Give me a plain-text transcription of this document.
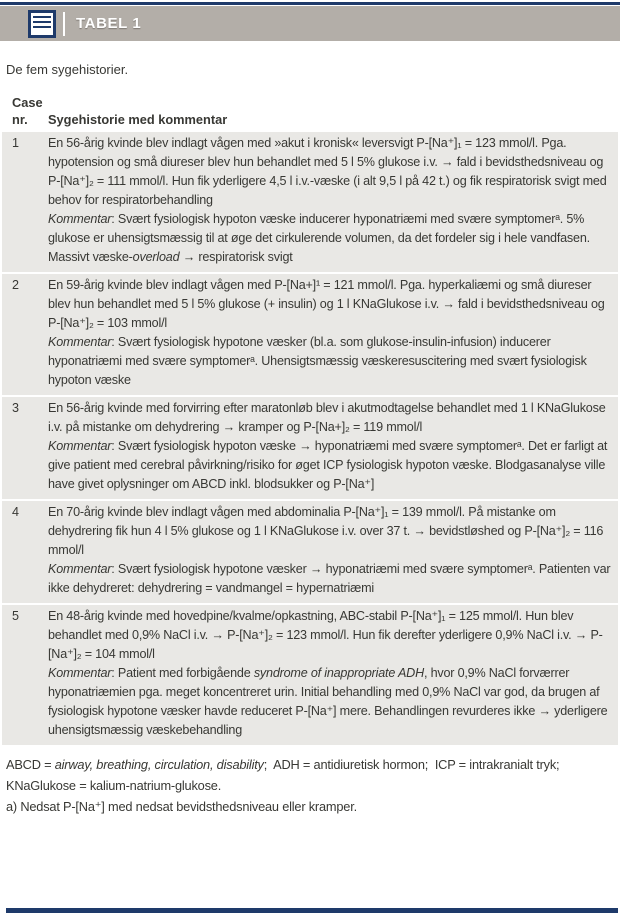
TABEL 1
De fem sygehistorier.
Case
nr.	Sygehistorie med kommentar
1	En 56-årig kvinde blev indlagt vågen med »akut i kronisk« leversvigt P-[Na⁺]₁ = 123 mmol/l. Pga. hypotension og små diureser blev hun behandlet med 5 l 5% glukose i.v. → fald i bevidsthedsniveau og P-[Na⁺]₂ = 111 mmol/l. Hun fik yderligere 4,5 l i.v.-væske (i alt 9,5 l på 42 t.) og fik respiratorisk svigt med behov for respiratorbehandling
Kommentar: Svært fysiologisk hypoton væske inducerer hyponatriæmi med svære symptomerᵃ. 5% glukose er uhensigtsmæssig til at øge det cirkulerende volumen, da det fordeler sig i hele vandfasen. Massivt væske-overload → respiratorisk svigt
2	En 59-årig kvinde blev indlagt vågen med P-[Na+]¹ = 121 mmol/l. Pga. hyperkaliæmi og små diureser blev hun behandlet med 5 l 5% glukose (+ insulin) og 1 l KNaGlukose i.v. → fald i bevidsthedsniveau og P-[Na⁺]₂ = 103 mmol/l
Kommentar: Svært fysiologisk hypotone væsker (bl.a. som glukose-insulin-infusion) inducerer hyponatriæmi med svære symptomerᵃ. Uhensigtsmæssig væskeresuscitering med svært fysiologisk hypoton væske
3	En 56-årig kvinde med forvirring efter maratonløb blev i akutmodtagelse behandlet med 1 l KNaGlukose i.v. på mistanke om dehydrering → kramper og P-[Na+]₂ = 119 mmol/l
Kommentar: Svært fysiologisk hypoton væske → hyponatriæmi med svære symptomerᵃ. Det er farligt at give patient med cerebral påvirkning/risiko for øget ICP fysiologisk hypoton væske. Blodgasanalyse ville have givet oplysninger om ABCD inkl. blodsukker og P-[Na⁺]
4	En 70-årig kvinde blev indlagt vågen med abdominalia P-[Na⁺]₁ = 139 mmol/l. På mistanke om dehydrering fik hun 4 l 5% glukose og 1 l KNaGlukose i.v. over 37 t. → bevidstløshed og P-[Na⁺]₂ = 116 mmol/l
Kommentar: Svært fysiologisk hypotone væsker → hyponatriæmi med svære symptomerᵃ. Patienten var ikke dehydreret: dehydrering = vandmangel = hypernatriæmi
5	En 48-årig kvinde med hovedpine/kvalme/opkastning, ABC-stabil P-[Na⁺]₁ = 125 mmol/l. Hun blev behandlet med 0,9% NaCl i.v. → P-[Na⁺]₂ = 123 mmol/l. Hun fik derefter yderligere 0,9% NaCl i.v. → P-[Na⁺]₂ = 104 mmol/l
Kommentar: Patient med forbigående syndrome of inappropriate ADH, hvor 0,9% NaCl forværrer hyponatriæmien pga. meget koncentreret urin. Initial behandling med 0,9% NaCl var god, da brugen af fysiologisk hypotone væsker havde reduceret P-[Na⁺] mere. Behandlingen revurderes ikke → yderligere uhensigtsmæssig væskebehandling
ABCD = airway, breathing, circulation, disability;  ADH = antidiuretisk hormon;  ICP = intrakranialt tryk;  KNaGlukose = kalium-natrium-glukose.
a) Nedsat P-[Na⁺] med nedsat bevidsthedsniveau eller kramper.
